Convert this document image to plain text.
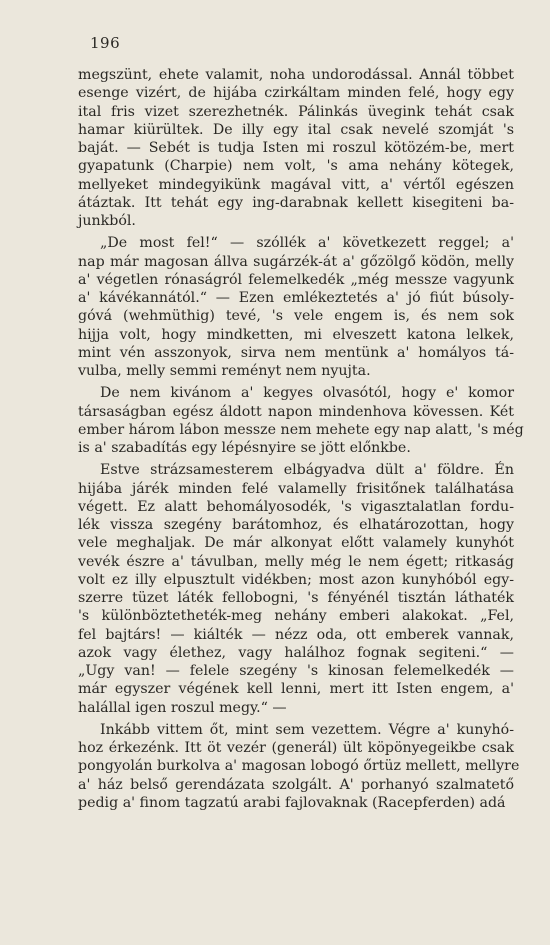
196
megszünt, ehete valamit, noha undorodással. Annál többet
esenge vizért, de hijába czirkáltam minden felé, hogy egy
ital fris vizet szerezhetnék. Pálinkás üvegink tehát csak
hamar kiürültek. De illy egy ital csak nevelé szomját 's
baját. — Sebét is tudja Isten mi roszul kötözém-be, mert
gyapatunk (Charpie) nem volt, 's ama nehány kötegek,
mellyeket mindegyikünk magával vitt, a' vértől egészen
átáztak. Itt tehát egy ing-darabnak kellett kisegiteni ba-
junkból.
„De most fel!“ — szóllék a' következett reggel; a'
nap már magosan állva sugárzék-át a' gőzölgő ködön, melly
a' végetlen rónaságról felemelkedék „még messze vagyunk
a' kávékannától.“ — Ezen emlékeztetés a' jó fiút búsoly-
góvá (wehmüthig) tevé, 's vele engem is, és nem sok
hijja volt, hogy mindketten, mi elveszett katona lelkek,
mint vén asszonyok, sirva nem mentünk a' homályos tá-
vulba, melly semmi reményt nem nyujta.
De nem kivánom a' kegyes olvasótól, hogy e' komor
társaságban egész áldott napon mindenhova kövessen. Két
ember három lábon messze nem mehete egy nap alatt, 's még
is a' szabadítás egy lépésnyire se jött előnkbe.
Estve strázsamesterem elbágyadva dült a' földre. Én
hijába járék minden felé valamelly frisitőnek találhatása
végett. Ez alatt behomályosodék, 's vigasztalatlan fordu-
lék vissza szegény barátomhoz, és elhatározottan, hogy
vele meghaljak. De már alkonyat előtt valamely kunyhót
vevék észre a' távulban, melly még le nem égett; ritkaság
volt ez illy elpusztult vidékben; most azon kunyhóból egy-
szerre tüzet láték fellobogni, 's fényénél tisztán láthaték
's különböztetheték-meg nehány emberi alakokat. „Fel,
fel bajtárs! — kiálték — nézz oda, ott emberek vannak,
azok vagy élethez, vagy halálhoz fognak segiteni.“ —
„Ugy van! — felele szegény 's kinosan felemelkedék —
már egyszer végének kell lenni, mert itt Isten engem, a'
halállal igen roszul megy.“ —
Inkább vittem őt, mint sem vezettem. Végre a' kunyhó-
hoz érkezénk. Itt öt vezér (generál) ült köpönyegeikbe csak
pongyolán burkolva a' magosan lobogó őrtüz mellett, mellyre
a' ház belső gerendázata szolgált. A' porhanyó szalmatető
pedig a' finom tagzatú arabi fajlovaknak (Racepferden) adá
